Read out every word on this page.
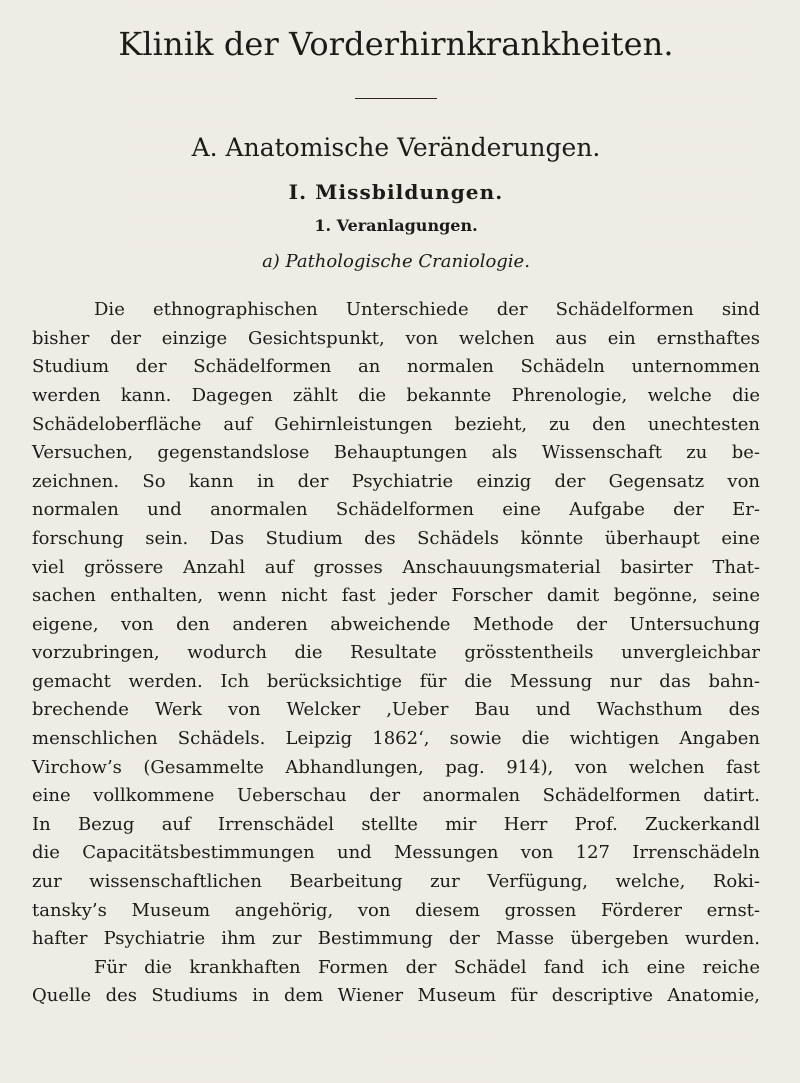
Klinik der Vorderhirnkrankheiten.
A. Anatomische Veränderungen.
I. Missbildungen.
1. Veranlagungen.
a) Pathologische Craniologie.
Die ethnographischen Unterschiede der Schädelformen sind
bisher der einzige Gesichtspunkt, von welchen aus ein ernsthaftes
Studium der Schädelformen an normalen Schädeln unternommen
werden kann. Dagegen zählt die bekannte Phrenologie, welche die
Schädeloberfläche auf Gehirnleistungen bezieht, zu den unechtesten
Versuchen, gegenstandslose Behauptungen als Wissenschaft zu be-
zeichnen. So kann in der Psychiatrie einzig der Gegensatz von
normalen und anormalen Schädelformen eine Aufgabe der Er-
forschung sein. Das Studium des Schädels könnte überhaupt eine
viel grössere Anzahl auf grosses Anschauungsmaterial basirter That-
sachen enthalten, wenn nicht fast jeder Forscher damit begönne, seine
eigene, von den anderen abweichende Methode der Untersuchung
vorzubringen, wodurch die Resultate grösstentheils unvergleichbar
gemacht werden. Ich berücksichtige für die Messung nur das bahn-
brechende Werk von Welcker ‚Ueber Bau und Wachsthum des
menschlichen Schädels. Leipzig 1862‘, sowie die wichtigen Angaben
Virchow’s (Gesammelte Abhandlungen, pag. 914), von welchen fast
eine vollkommene Ueberschau der anormalen Schädelformen datirt.
In Bezug auf Irrenschädel stellte mir Herr Prof. Zuckerkandl
die Capacitätsbestimmungen und Messungen von 127 Irrenschädeln
zur wissenschaftlichen Bearbeitung zur Verfügung, welche, Roki-
tansky’s Museum angehörig, von diesem grossen Förderer ernst-
hafter Psychiatrie ihm zur Bestimmung der Masse übergeben wurden.
Für die krankhaften Formen der Schädel fand ich eine reiche
Quelle des Studiums in dem Wiener Museum für descriptive Anatomie,
